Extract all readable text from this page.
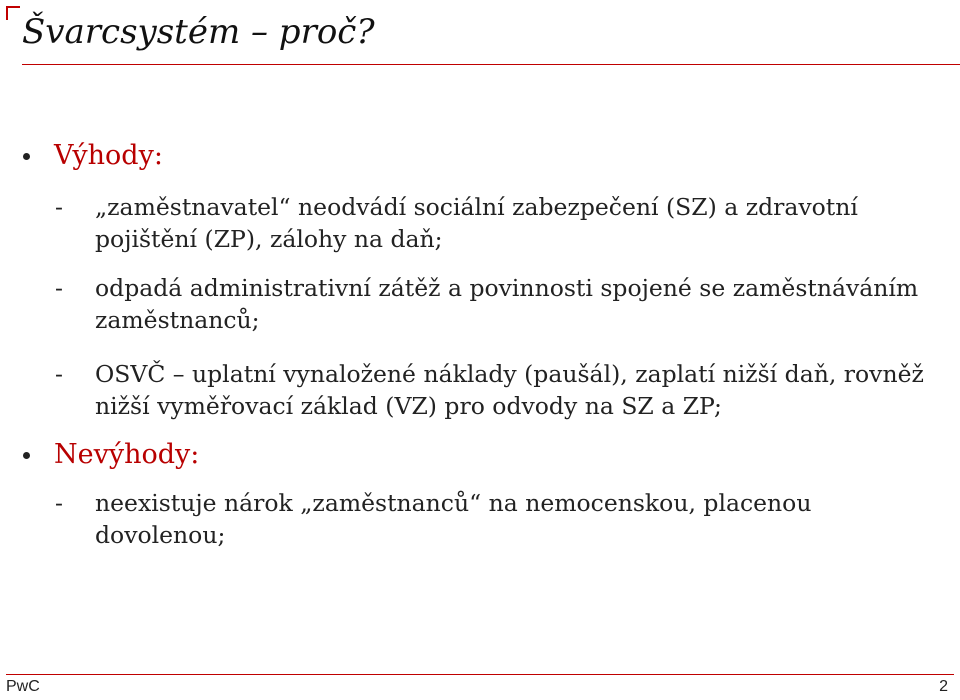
Švarcsystém – proč?
Výhody:
-	„zaměstnavatel“ neodvádí sociální zabezpečení (SZ) a zdravotní pojištění (ZP), zálohy na daň;
-	odpadá administrativní zátěž a povinnosti spojené se zaměstnáváním zaměstnanců;
-	OSVČ – uplatní vynaložené náklady (paušál), zaplatí nižší daň, rovněž nižší vyměřovací základ (VZ) pro odvody na SZ a ZP;
Nevýhody:
-	neexistuje nárok „zaměstnanců“ na nemocenskou, placenou dovolenou;
PwC	2
